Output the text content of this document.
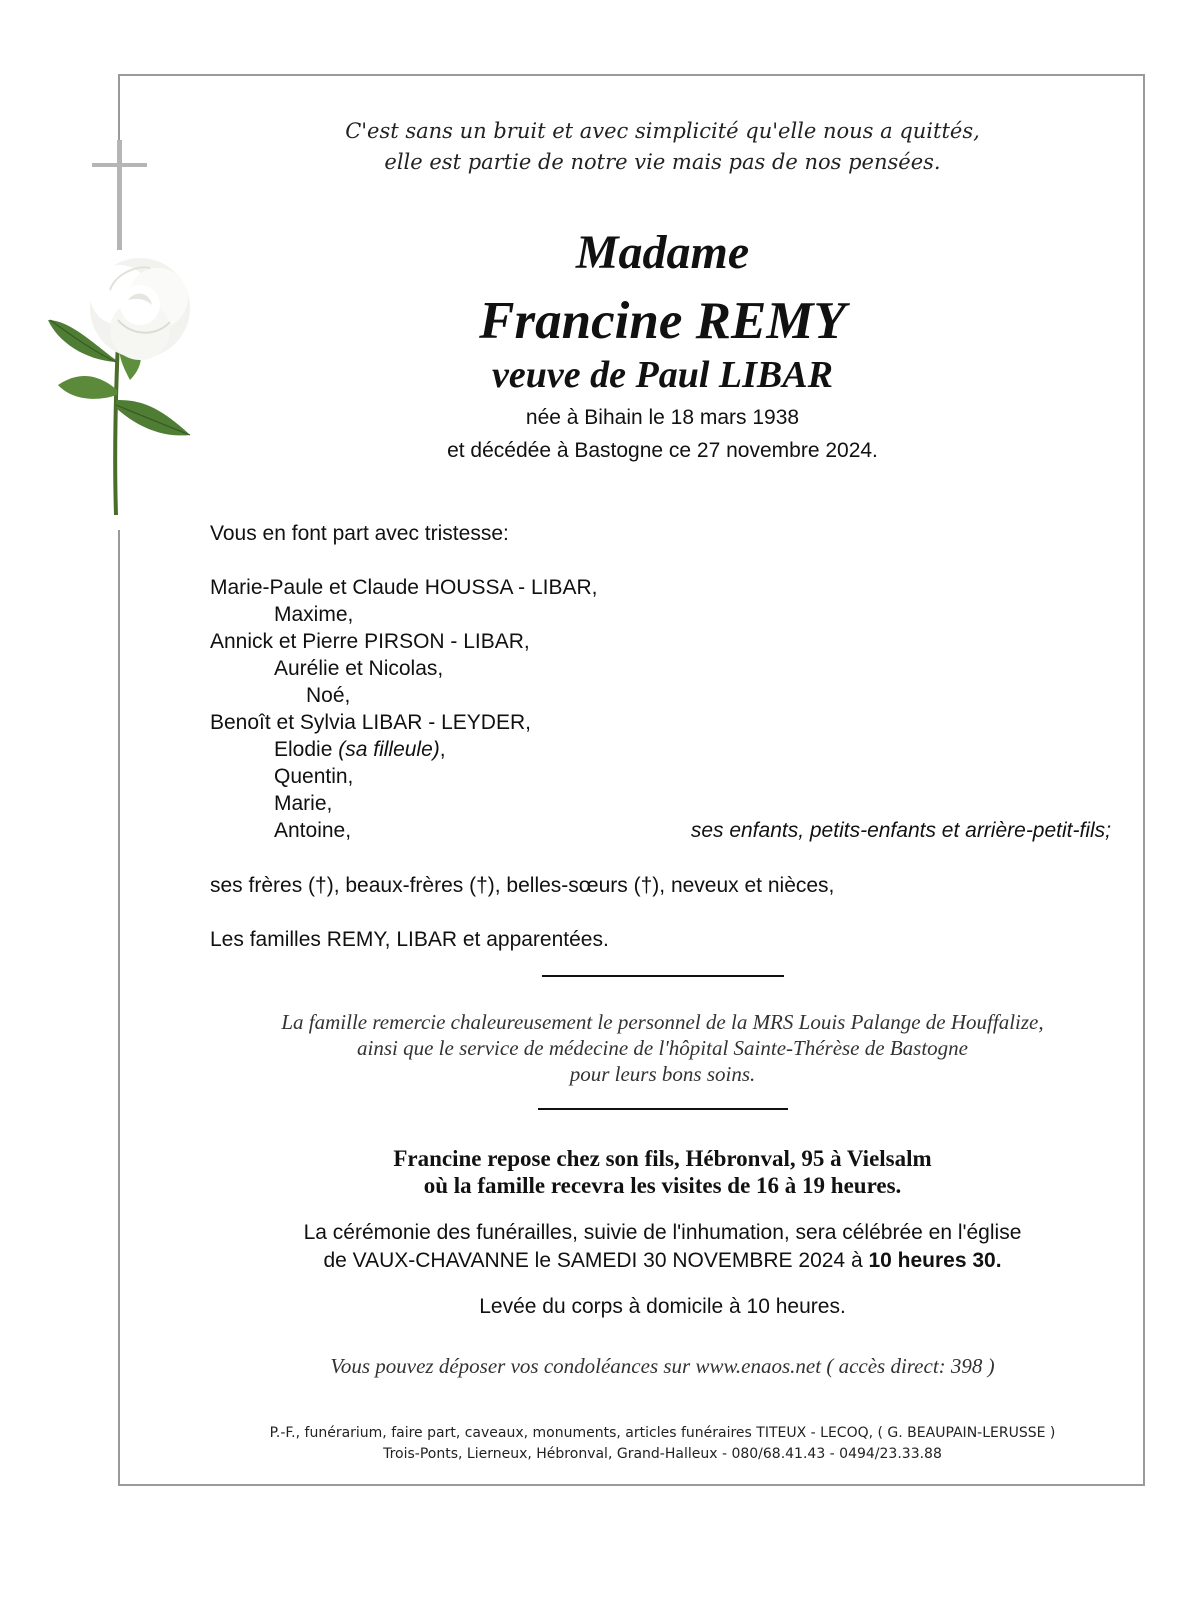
C'est sans un bruit et avec simplicité qu'elle nous a quittés,
elle est partie de notre vie mais pas de nos pensées.
Madame
Francine REMY
veuve de Paul LIBAR
née à Bihain le 18 mars 1938
et décédée à Bastogne ce 27 novembre 2024.
Vous en font part avec tristesse:
Marie-Paule et Claude HOUSSA - LIBAR,
Maxime,
Annick et Pierre PIRSON - LIBAR,
Aurélie et Nicolas,
Noé,
Benoît et Sylvia LIBAR - LEYDER,
Elodie (sa filleule),
Quentin,
Marie,
Antoine,	ses enfants, petits-enfants et arrière-petit-fils;
ses frères (†), beaux-frères (†), belles-sœurs (†), neveux et nièces,
Les familles REMY, LIBAR et apparentées.
La famille remercie chaleureusement le personnel de la MRS Louis Palange de Houffalize,
ainsi que le service de médecine de l'hôpital Sainte-Thérèse de Bastogne
pour leurs bons soins.
Francine repose chez son fils, Hébronval, 95 à Vielsalm
où la famille recevra les visites de 16 à 19 heures.
La cérémonie des funérailles, suivie de l'inhumation, sera célébrée en l'église
de VAUX-CHAVANNE le SAMEDI 30 NOVEMBRE 2024 à 10 heures 30.
Levée du corps à domicile à 10 heures.
Vous pouvez déposer vos condoléances sur www.enaos.net ( accès direct: 398 )
P.-F., funérarium, faire part, caveaux, monuments, articles funéraires TITEUX - LECOQ, ( G. BEAUPAIN-LERUSSE )
Trois-Ponts, Lierneux, Hébronval, Grand-Halleux - 080/68.41.43 - 0494/23.33.88
